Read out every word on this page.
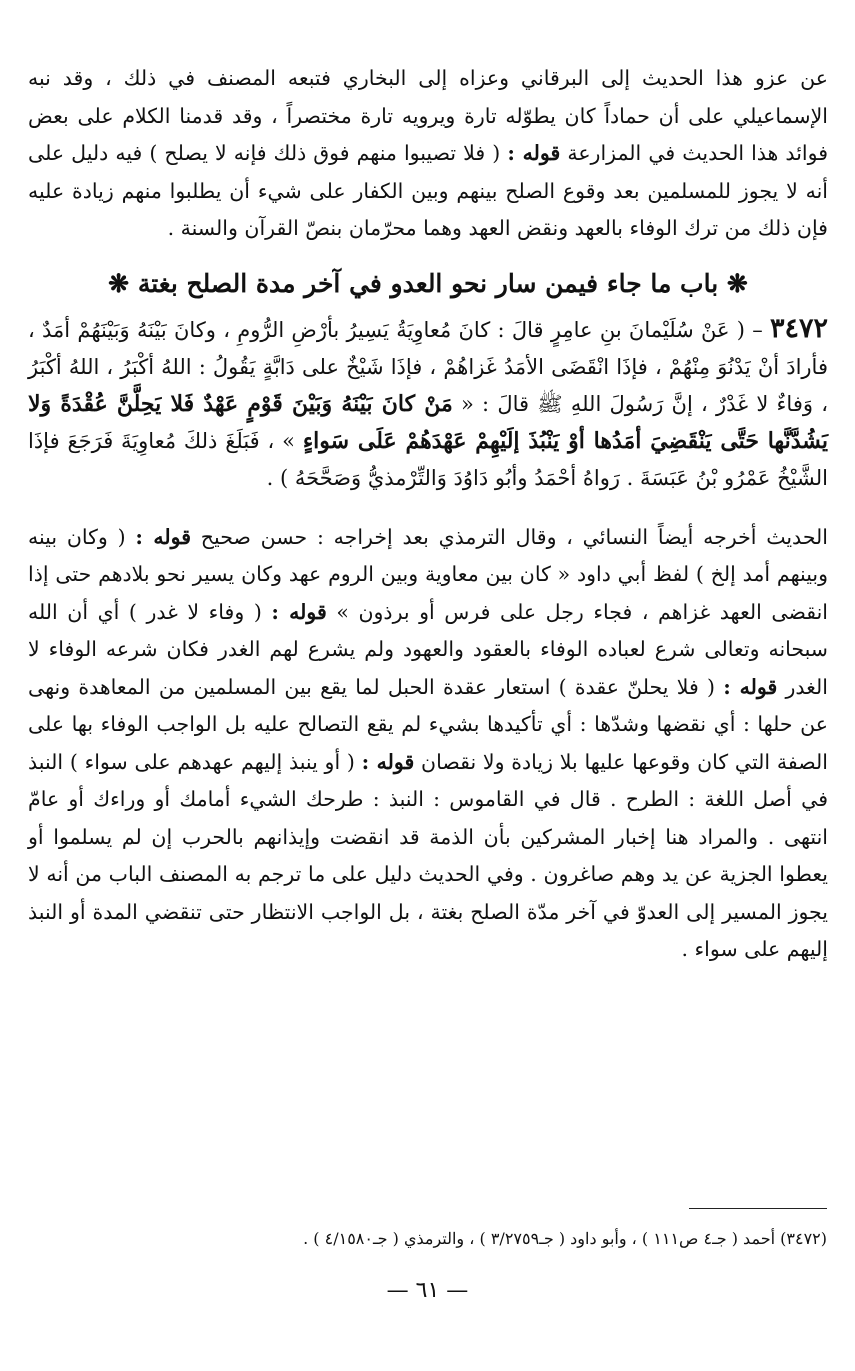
عن عزو هذا الحديث إلى البرقاني وعزاه إلى البخاري فتبعه المصنف في ذلك ، وقد نبه الإسماعيلي على أن حماداً كان يطوّله تارة ويرويه تارة مختصراً ، وقد قدمنا الكلام على بعض فوائد هذا الحديث في المزارعة قوله : ( فلا تصيبوا منهم فوق ذلك فإنه لا يصلح ) فيه دليل على أنه لا يجوز للمسلمين بعد وقوع الصلح بينهم وبين الكفار على شيء أن يطلبوا منهم زيادة عليه فإن ذلك من ترك الوفاء بالعهد ونقض العهد وهما محرّمان بنصّ القرآن والسنة .

❋ باب ما جاء فيمن سار نحو العدو في آخر مدة الصلح بغتة ❋

٣٤٧٢ – ( عَنْ سُلَيْمانَ بنِ عامِرٍ قالَ : كانَ مُعاوِيَةُ يَسِيرُ بأرْضِ الرُّومِ ، وكانَ بَيْنَهُ وَبَيْنَهُمْ أمَدٌ ، فأرادَ أنْ يَدْنُوَ مِنْهُمْ ، فإذَا انْقَضَى الأمَدُ غَزاهُمْ ، فإذَا شَيْخٌ على دَابَّةٍ يَقُولُ : اللهُ أكْبَرُ ، اللهُ أكْبَرُ ، وَفاءٌ لا غَدْرٌ ، إنَّ رَسُولَ اللهِ ﷺ قالَ : « مَنْ كانَ بَيْنَهُ وَبَيْنَ قَوْمٍ عَهْدٌ فَلا يَحِلَّنَّ عُقْدَةً وَلا يَشُدَّنَّها حَتَّى يَنْقَضِيَ أمَدُها أوْ يَنْبُذَ إلَيْهِمْ عَهْدَهُمْ عَلَى سَواءٍ » ، فَبَلَغَ ذلكَ مُعاوِيَةَ فَرَجَعَ فإذَا الشَّيْخُ عَمْرُو بْنُ عَبَسَةَ . رَواهُ أحْمَدُ وأبُو دَاوُدَ وَالتِّرْمذيُّ وَصَحَّحَهُ ) .

الحديث أخرجه أيضاً النسائي ، وقال الترمذي بعد إخراجه : حسن صحيح قوله : ( وكان بينه وبينهم أمد إلخ ) لفظ أبي داود « كان بين معاوية وبين الروم عهد وكان يسير نحو بلادهم حتى إذا انقضى العهد غزاهم ، فجاء رجل على فرس أو برذون » قوله : ( وفاء لا غدر ) أي أن الله سبحانه وتعالى شرع لعباده الوفاء بالعقود والعهود ولم يشرع لهم الغدر فكان شرعه الوفاء لا الغدر قوله : ( فلا يحلنّ عقدة ) استعار عقدة الحبل لما يقع بين المسلمين من المعاهدة ونهى عن حلها : أي نقضها وشدّها : أي تأكيدها بشيء لم يقع التصالح عليه بل الواجب الوفاء بها على الصفة التي كان وقوعها عليها بلا زيادة ولا نقصان قوله : ( أو ينبذ إليهم عهدهم على سواء ) النبذ في أصل اللغة : الطرح . قال في القاموس : النبذ : طرحك الشيء أمامك أو وراءك أو عامّ انتهى . والمراد هنا إخبار المشركين بأن الذمة قد انقضت وإيذانهم بالحرب إن لم يسلموا أو يعطوا الجزية عن يد وهم صاغرون . وفي الحديث دليل على ما ترجم به المصنف الباب من أنه لا يجوز المسير إلى العدوّ في آخر مدّة الصلح بغتة ، بل الواجب الانتظار حتى تنقضي المدة أو النبذ إليهم على سواء .

(٣٤٧٢) أحمد ( جـ٤ ص١١١ ) ، وأبو داود ( جـ٣/٢٧٥٩ ) ، والترمذي ( جـ٤/١٥٨٠ ) .
— ٦١ —
